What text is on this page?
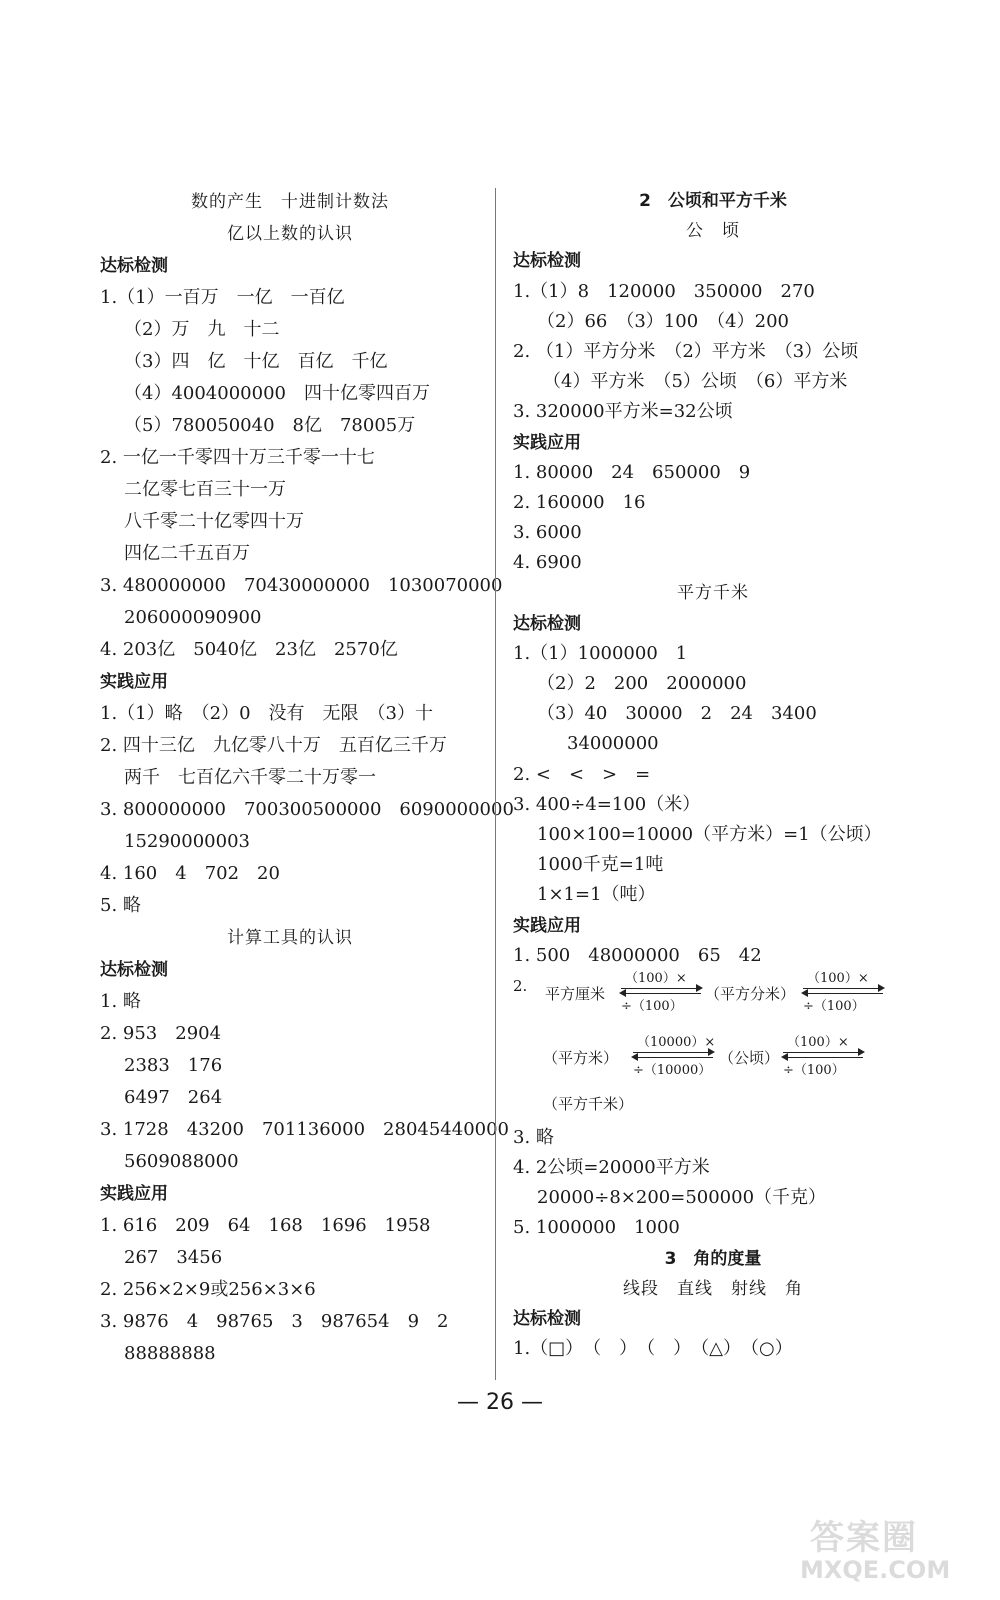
数的产生　十进制计数法
亿以上数的认识
达标检测
1.（1）一百万　一亿　一百亿
（2）万　九　十二
（3）四　亿　十亿　百亿　千亿
（4）4004000000　四十亿零四百万
（5）780050040　8亿　78005万
2. 一亿一千零四十万三千零一十七
二亿零七百三十一万
八千零二十亿零四十万
四亿二千五百万
3. 480000000　70430000000　1030070000
206000090900
4. 203亿　5040亿　23亿　2570亿
实践应用
1.（1）略　（2）0　没有　无限　（3）十
2. 四十三亿　九亿零八十万　五百亿三千万
两千　七百亿六千零二十万零一
3. 800000000　700300500000　6090000000
15290000003
4. 160　4　702　20
5. 略
计算工具的认识
达标检测
1. 略
2. 953　2904
2383　176
6497　264
3. 1728　43200　701136000　28045440000
5609088000
实践应用
1. 616　209　64　168　1696　1958
267　3456
2. 256×2×9或256×3×6
3. 9876　4　98765　3　987654　9　2
88888888
2　公顷和平方千米
公　顷
达标检测
1.（1）8　120000　350000　270
（2）66　（3）100　（4）200
2. （1）平方分米　（2）平方米　（3）公顷
（4）平方米　（5）公顷　（6）平方米
3. 320000平方米=32公顷
实践应用
1. 80000　24　650000　9
2. 160000　16
3. 6000
4. 6900
平方千米
达标检测
1.（1）1000000　1
（2）2　200　2000000
（3）40　30000　2　24　3400
34000000
2. <　<　>　=
3. 400÷4=100（米）
100×100=10000（平方米）=1（公顷）
1000千克=1吨
1×1=1（吨）
实践应用
1. 500　48000000　65　42
2. 平方厘米
（100）×
÷（100）
（平方分米）
（100）×
÷（100）
（平方米）
（10000）×
÷（10000）
（公顷）
（100）×
÷（100）
（平方千米）
3. 略
4. 2公顷=20000平方米
20000÷8×200=500000（千克）
5. 1000000　1000
3　角的度量
线段　直线　射线　角
达标检测
1.（□）　（　）　（　）　（△）　（○）
— 26 —
答案圈
MXQE.COM
